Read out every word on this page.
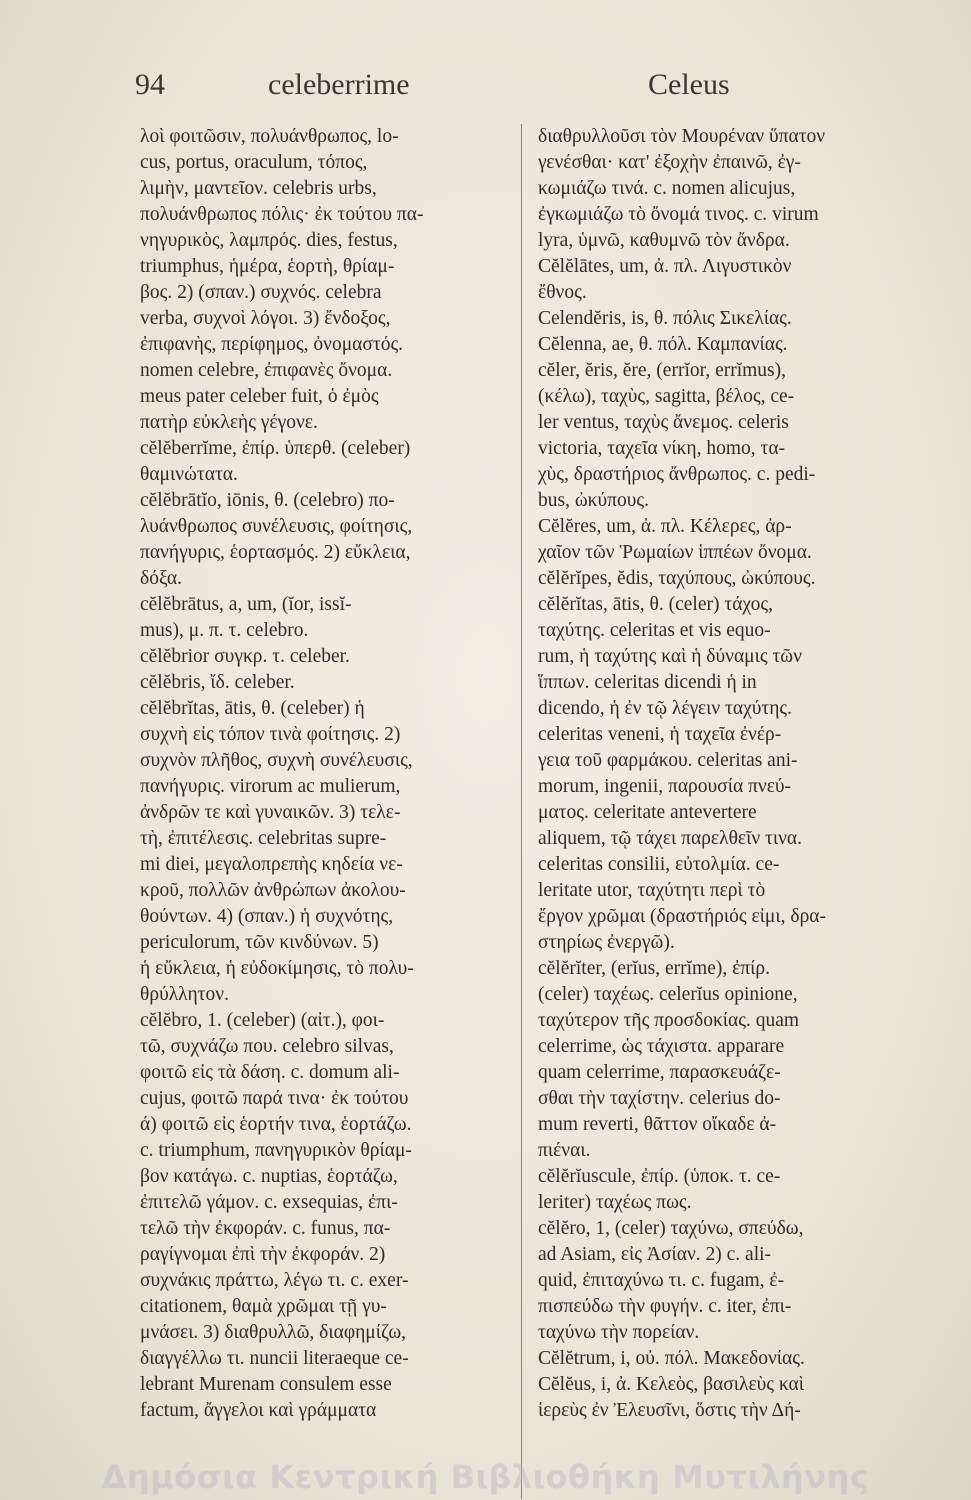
94	celeberrime	Celeus
λοὶ φοιτῶσιν, πολυάνθρωπος, lo-
cus, portus, oraculum, τόπος,
λιμὴν, μαντεῖον. celebris urbs,
πολυάνθρωπος πόλις· ἐκ τούτου πα-
νηγυρικὸς, λαμπρός. dies, festus,
triumphus, ἡμέρα, ἑορτὴ, θρίαμ-
βος. 2) (σπαν.) συχνός. celebra
verba, συχνοὶ λόγοι. 3) ἔνδοξος,
ἐπιφανὴς, περίφημος, ὀνομαστός.
nomen celebre, ἐπιφανὲς ὄνομα.
meus pater celeber fuit, ὁ ἐμὸς
πατὴρ εὐκλεὴς γέγονε.
cĕlĕberrĭme, ἐπίρ. ὑπερθ. (celeber)
θαμινώτατα.
cĕlĕbrātĭo, iōnis, θ. (celebro) πο-
λυάνθρωπος συνέλευσις, φοίτησις,
πανήγυρις, ἑορτασμός. 2) εὔκλεια,
δόξα.
cĕlĕbrātus, a, um, (ĭor, issĭ-
mus), μ. π. τ. celebro.
cĕlĕbrior συγκρ. τ. celeber.
cĕlĕbris, ἴδ. celeber.
cĕlĕbrĭtas, ātis, θ. (celeber) ἡ
συχνὴ εἰς τόπον τινὰ φοίτησις. 2)
συχνὸν πλῆθος, συχνὴ συνέλευσις,
πανήγυρις. virorum ac mulierum,
ἀνδρῶν τε καὶ γυναικῶν. 3) τελε-
τὴ, ἐπιτέλεσις. celebritas supre-
mi diei, μεγαλοπρεπὴς κηδεία νε-
κροῦ, πολλῶν ἀνθρώπων ἀκολου-
θούντων. 4) (σπαν.) ἡ συχνότης,
periculorum, τῶν κινδύνων. 5)
ἡ εὔκλεια, ἡ εὐδοκίμησις, τὸ πολυ-
θρύλλητον.
cĕlĕbro, 1. (celeber) (αἰτ.), φοι-
τῶ, συχνάζω που. celebro silvas,
φοιτῶ εἰς τὰ δάση. c. domum ali-
cujus, φοιτῶ παρά τινα· ἐκ τούτου
ά) φοιτῶ εἰς ἑορτήν τινα, ἑορτάζω.
c. triumphum, πανηγυρικὸν θρίαμ-
βον κατάγω. c. nuptias, ἑορτάζω,
ἐπιτελῶ γάμον. c. exsequias, ἐπι-
τελῶ τὴν ἐκφοράν. c. funus, πα-
ραγίγνομαι ἐπὶ τὴν ἐκφοράν. 2)
συχνάκις πράττω, λέγω τι. c. exer-
citationem, θαμὰ χρῶμαι τῇ γυ-
μνάσει. 3) διαθρυλλῶ, διαφημίζω,
διαγγέλλω τι. nuncii literaeque ce-
lebrant Murenam consulem esse
factum, ἄγγελοι καὶ γράμματα
διαθρυλλοῦσι τὸν Μουρέναν ὕπατον
γενέσθαι· κατ' ἐξοχὴν ἐπαινῶ, ἐγ-
κωμιάζω τινά. c. nomen alicujus,
ἐγκωμιάζω τὸ ὄνομά τινος. c. virum
lyra, ὑμνῶ, καθυμνῶ τὸν ἄνδρα.
Cĕlĕlātes, um, ἀ. πλ. Λιγυστικὸν
ἔθνος.
Celendĕris, is, θ. πόλις Σικελίας.
Cĕlenna, ae, θ. πόλ. Καμπανίας.
cĕler, ĕris, ĕre, (errĭor, errĭmus),
(κέλω), ταχὺς, sagitta, βέλος, ce-
ler ventus, ταχὺς ἄνεμος. celeris
victoria, ταχεῖα νίκη, homo, τα-
χὺς, δραστήριος ἄνθρωπος. c. pedi-
bus, ὠκύπους.
Cĕlĕres, um, ἀ. πλ. Κέλερες, ἀρ-
χαῖον τῶν Ῥωμαίων ἱππέων ὄνομα.
cĕlĕrĭpes, ĕdis, ταχύπους, ὠκύπους.
cĕlĕrĭtas, ātis, θ. (celer) τάχος,
ταχύτης. celeritas et vis equo-
rum, ἡ ταχύτης καὶ ἡ δύναμις τῶν
ἵππων. celeritas dicendi ἡ in
dicendo, ἡ ἐν τῷ λέγειν ταχύτης.
celeritas veneni, ἡ ταχεῖα ἐνέρ-
γεια τοῦ φαρμάκου. celeritas ani-
morum, ingenii, παρουσία πνεύ-
ματος. celeritate antevertere
aliquem, τῷ τάχει παρελθεῖν τινα.
celeritas consilii, εὐτολμία. ce-
leritate utor, ταχύτητι περὶ τὸ
ἔργον χρῶμαι (δραστήριός εἰμι, δρα-
στηρίως ἐνεργῶ).
cĕlĕrĭter, (erĭus, errĭme), ἐπίρ.
(celer) ταχέως. celerĭus opinione,
ταχύτερον τῆς προσδοκίας. quam
celerrime, ὡς τάχιστα. apparare
quam celerrime, παρασκευάζε-
σθαι τὴν ταχίστην. celerius do-
mum reverti, θᾶττον οἴκαδε ἀ-
πιέναι.
cĕlĕrĭuscule, ἐπίρ. (ὑποκ. τ. ce-
leriter) ταχέως πως.
cĕlĕro, 1, (celer) ταχύνω, σπεύδω,
ad Asiam, εἰς Ἀσίαν. 2) c. ali-
quid, ἐπιταχύνω τι. c. fugam, ἐ-
πισπεύδω τὴν φυγήν. c. iter, ἐπι-
ταχύνω τὴν πορείαν.
Cĕlĕtrum, i, οὐ. πόλ. Μακεδονίας.
Cĕlĕus, i, ἀ. Κελεὸς, βασιλεὺς καὶ
ἱερεὺς ἐν Ἐλευσῖνι, ὅστις τὴν Δή-
Δημόσια Κεντρική Βιβλιοθήκη Μυτιλήνης
